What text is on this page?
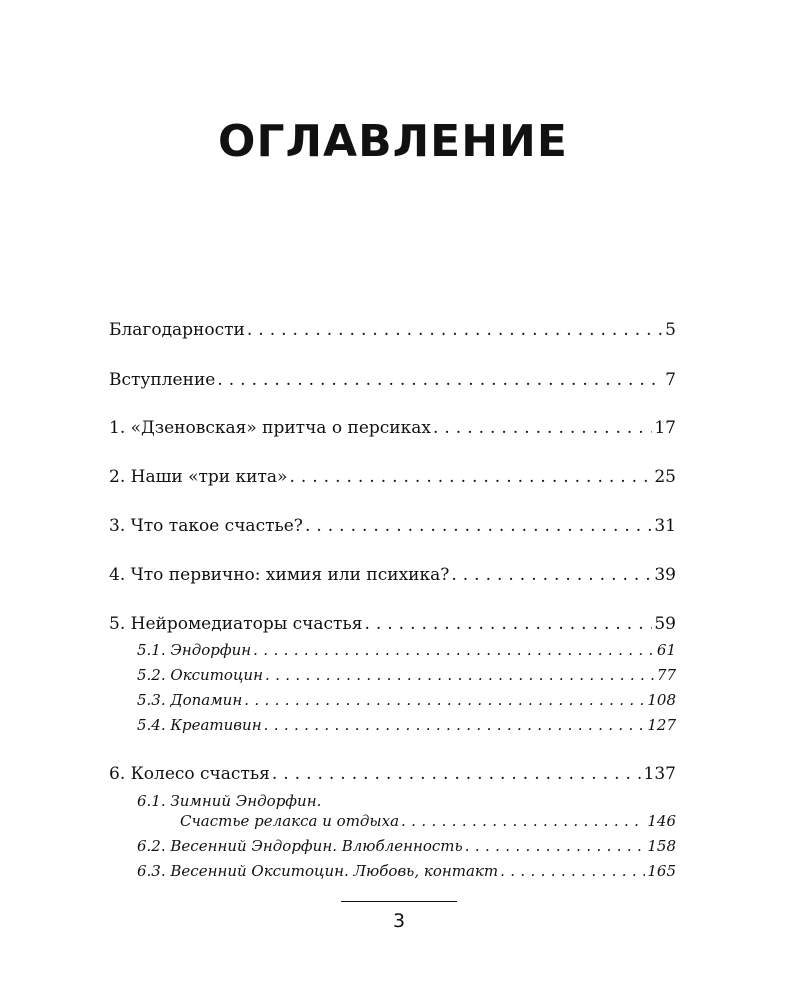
ОГЛАВЛЕНИЕ
Благодарности . . .	5
Вступление . . .	7
1. «Дзеновская» притча о персиках . . .	17
2. Наши «три кита» . . .	25
3. Что такое счастье? . . .	31
4. Что первично: химия или психика? . . .	39
5. Нейромедиаторы счастья . . .	59
5.1. Эндорфин . .	61
5.2. Окситоцин . .	77
5.3. Допамин . .	108
5.4. Креативин . .	127
6. Колесо счастья . . .	137
6.1. Зимний Эндорфин.
Счастье релакса и отдыха . .	146
6.2. Весенний Эндорфин. Влюбленность . .	158
6.3. Весенний Окситоцин. Любовь, контакт . .	165
3
